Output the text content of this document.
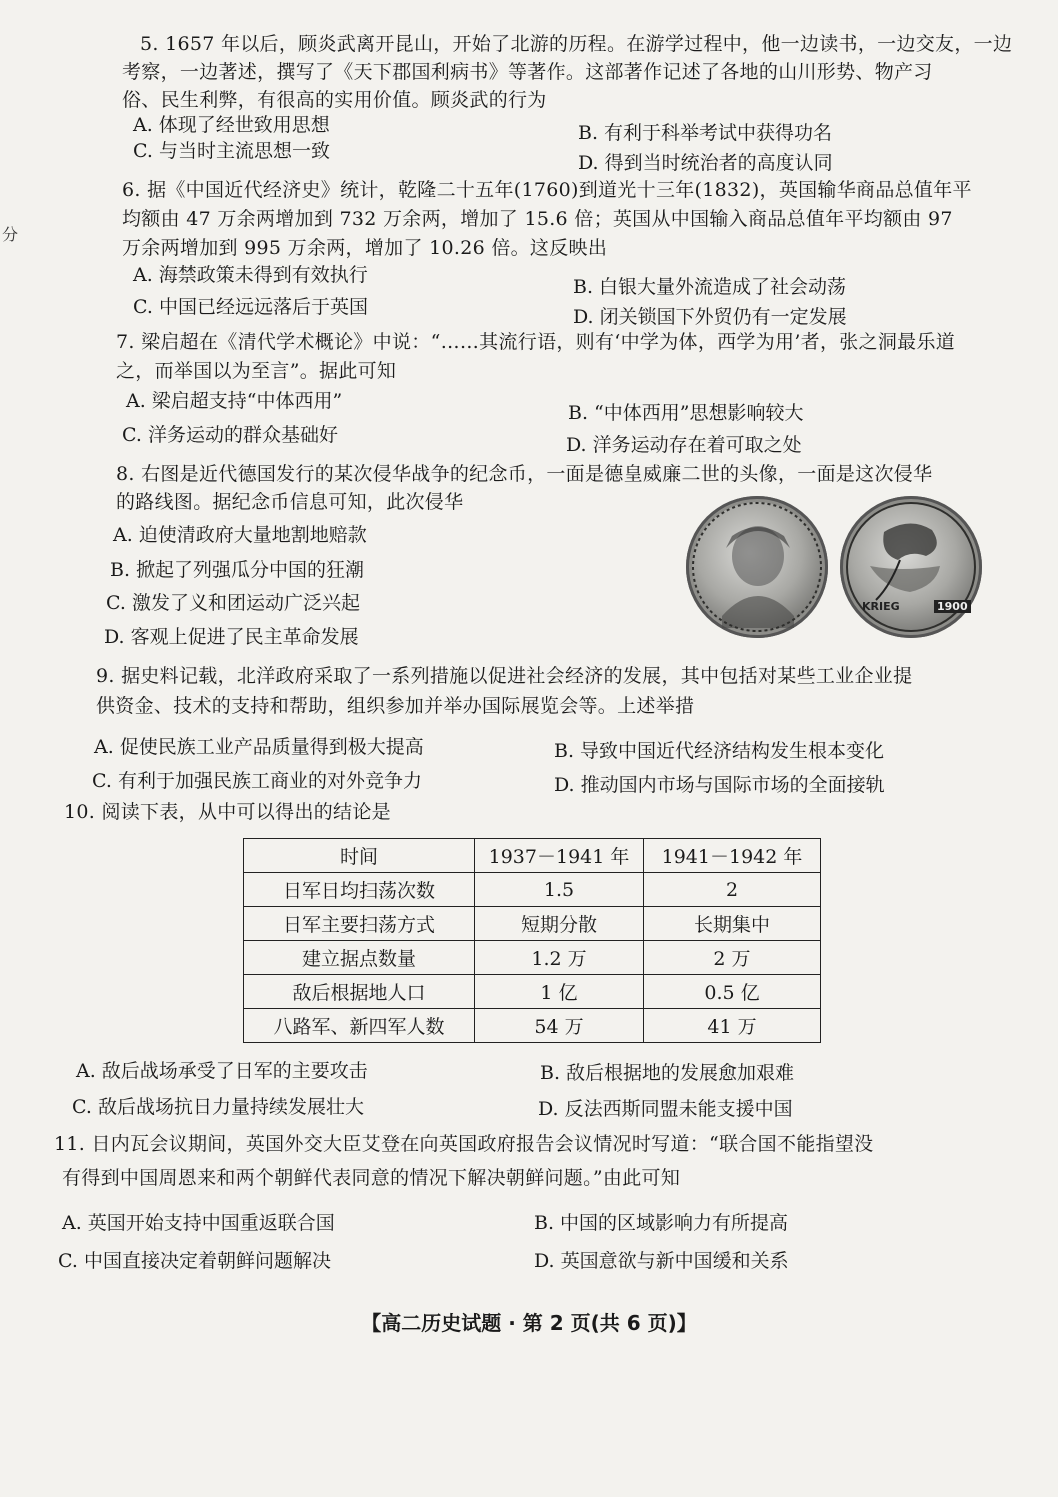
分
5. 1657 年以后，顾炎武离开昆山，开始了北游的历程。在游学过程中，他一边读书，一边交友，一边
考察，一边著述，撰写了《天下郡国利病书》等著作。这部著作记述了各地的山川形势、物产习
俗、民生利弊，有很高的实用价值。顾炎武的行为
A. 体现了经世致用思想	B. 有利于科举考试中获得功名
C. 与当时主流思想一致
D. 得到当时统治者的高度认同
6. 据《中国近代经济史》统计，乾隆二十五年(1760)到道光十三年(1832)，英国输华商品总值年平
均额由 47 万余两增加到 732 万余两，增加了 15.6 倍；英国从中国输入商品总值年平均额由 97
万余两增加到 995 万余两，增加了 10.26 倍。这反映出
A. 海禁政策未得到有效执行
B. 白银大量外流造成了社会动荡
C. 中国已经远远落后于英国	D. 闭关锁国下外贸仍有一定发展
7. 梁启超在《清代学术概论》中说：“……其流行语，则有‘中学为体，西学为用’者，张之洞最乐道
之，而举国以为至言”。据此可知
A. 梁启超支持“中体西用”
B. “中体西用”思想影响较大
C. 洋务运动的群众基础好	D. 洋务运动存在着可取之处
8. 右图是近代德国发行的某次侵华战争的纪念币，一面是德皇威廉二世的头像，一面是这次侵华
的路线图。据纪念币信息可知，此次侵华
A. 迫使清政府大量地割地赔款
B. 掀起了列强瓜分中国的狂潮
C. 激发了义和团运动广泛兴起
D. 客观上促进了民主革命发展
KRIEG	1900
9. 据史料记载，北洋政府采取了一系列措施以促进社会经济的发展，其中包括对某些工业企业提
供资金、技术的支持和帮助，组织参加并举办国际展览会等。上述举措
A. 促使民族工业产品质量得到极大提高	B. 导致中国近代经济结构发生根本变化
C. 有利于加强民族工商业的对外竞争力	D. 推动国内市场与国际市场的全面接轨
10. 阅读下表，从中可以得出的结论是
时间	1937－1941 年	1941－1942 年
日军日均扫荡次数	1.5	2
日军主要扫荡方式	短期分散	长期集中
建立据点数量	1.2 万	2 万
敌后根据地人口	1 亿	0.5 亿
八路军、新四军人数	54 万	41 万
A. 敌后战场承受了日军的主要攻击	B. 敌后根据地的发展愈加艰难
C. 敌后战场抗日力量持续发展壮大	D. 反法西斯同盟未能支援中国
11. 日内瓦会议期间，英国外交大臣艾登在向英国政府报告会议情况时写道：“联合国不能指望没
有得到中国周恩来和两个朝鲜代表同意的情况下解决朝鲜问题。”由此可知
A. 英国开始支持中国重返联合国	B. 中国的区域影响力有所提高
C. 中国直接决定着朝鲜问题解决	D. 英国意欲与新中国缓和关系
【高二历史试题 · 第 2 页(共 6 页)】
